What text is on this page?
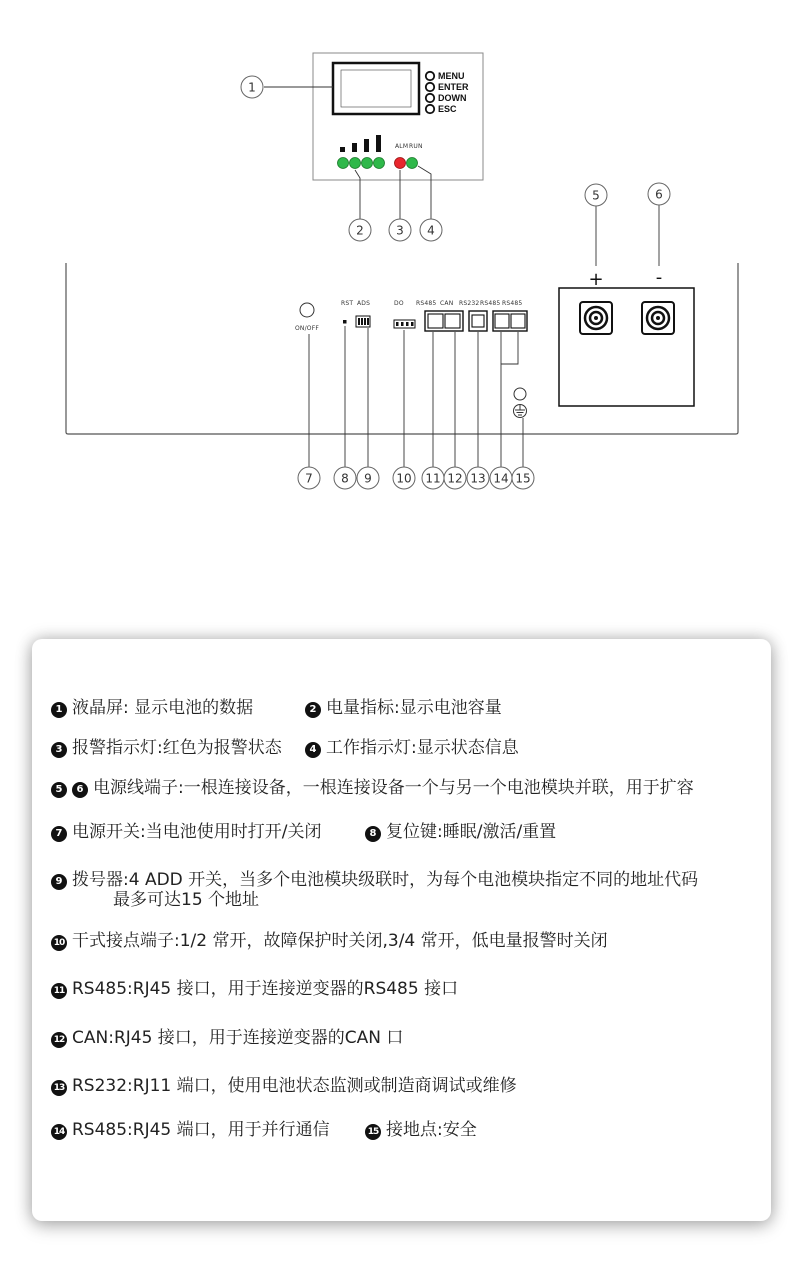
MENU
ENTER
DOWN
ESC
ALM RUN
1
2	3 4
ON/OFF
RST ADS	DO RS485 CAN RS232 RS485 RS485
+	-
5	6
7 8 9 10 11 12 13 14 15
1 液晶屏: 显示电池的数据	2 电量指标:显示电池容量
3 报警指示灯:红色为报警状态	4 工作指示灯:显示状态信息
5 6 电源线端子:一根连接设备，一根连接设备一个与另一个电池模块并联，用于扩容
7 电源开关:当电池使用时打开/关闭	8 复位键:睡眠/激活/重置
9 拨号器:4 ADD 开关，当多个电池模块级联时，为每个电池模块指定不同的地址代码
最多可达15 个地址
10 干式接点端子:1/2 常开，故障保护时关闭,3/4 常开，低电量报警时关闭
11 RS485:RJ45 接口，用于连接逆变器的RS485 接口
12 CAN:RJ45 接口，用于连接逆变器的CAN 口
13 RS232:RJ11 端口，使用电池状态监测或制造商调试或维修
14 RS485:RJ45 端口，用于并行通信	15 接地点:安全
